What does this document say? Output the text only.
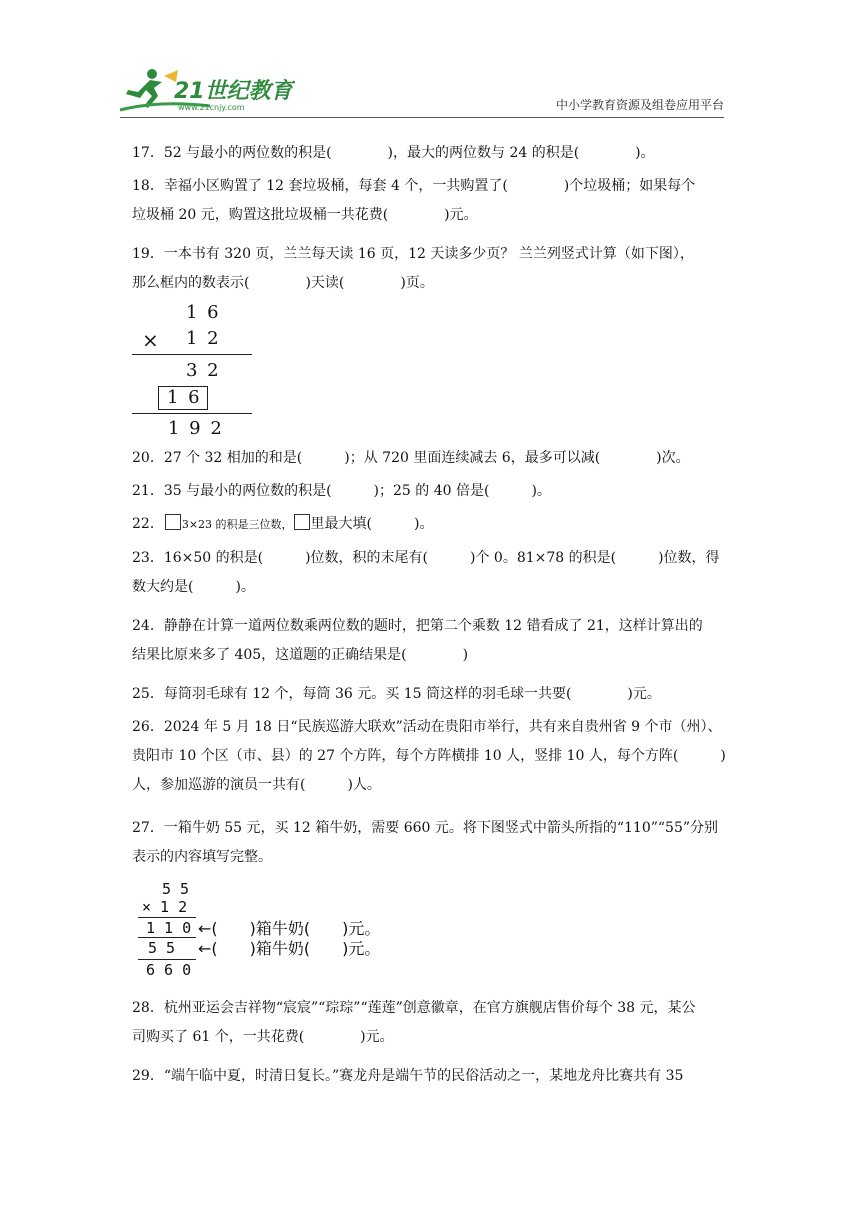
21世纪教育
www.21cnjy.com	中小学教育资源及组卷应用平台
17．52 与最小的两位数的积是(　　　　)，最大的两位数与 24 的积是(　　　　)。
18．幸福小区购置了 12 套垃圾桶，每套 4 个，一共购置了(　　　　)个垃圾桶；如果每个
垃圾桶 20 元，购置这批垃圾桶一共花费(　　　　)元。
19．一本书有 320 页，兰兰每天读 16 页，12 天读多少页？ 兰兰列竖式计算（如下图），
那么框内的数表示(　　　　)天读(　　　　)页。
1 6
× 1 2
3 2
1 6
1 9 2
20．27 个 32 相加的和是(　　　)；从 720 里面连续减去 6，最多可以减(　　　　)次。
21．35 与最小的两位数的积是(　　　)；25 的 40 倍是(　　　)。
22． 3×23 的积是三位数， 里最大填(　　　)。
23．16×50 的积是(　　　)位数，积的末尾有(　　　)个 0。81×78 的积是(　　　)位数，得
数大约是(　　　)。
24．静静在计算一道两位数乘两位数的题时，把第二个乘数 12 错看成了 21，这样计算出的
结果比原来多了 405，这道题的正确结果是(　　　　)
25．每筒羽毛球有 12 个，每筒 36 元。买 15 筒这样的羽毛球一共要(　　　　)元。
26．2024 年 5 月 18 日“民族巡游大联欢”活动在贵阳市举行，共有来自贵州省 9 个市（州）、
贵阳市 10 个区（市、县）的 27 个方阵，每个方阵横排 10 人，竖排 10 人，每个方阵(　　　)
人，参加巡游的演员一共有(　　　)人。
27．一箱牛奶 55 元，买 12 箱牛奶，需要 660 元。将下图竖式中箭头所指的“110”“55”分别
表示的内容填写完整。
5 5
× 1 2
1 1 0 ←(　　)箱牛奶(　　)元。
5 5 ←(　　)箱牛奶(　　)元。
6 6 0
28．杭州亚运会吉祥物“宸宸”“琮琮”“莲莲”创意徽章，在官方旗舰店售价每个 38 元，某公
司购买了 61 个，一共花费(　　　　)元。
29．“端午临中夏，时清日复长。”赛龙舟是端午节的民俗活动之一，某地龙舟比赛共有 35
